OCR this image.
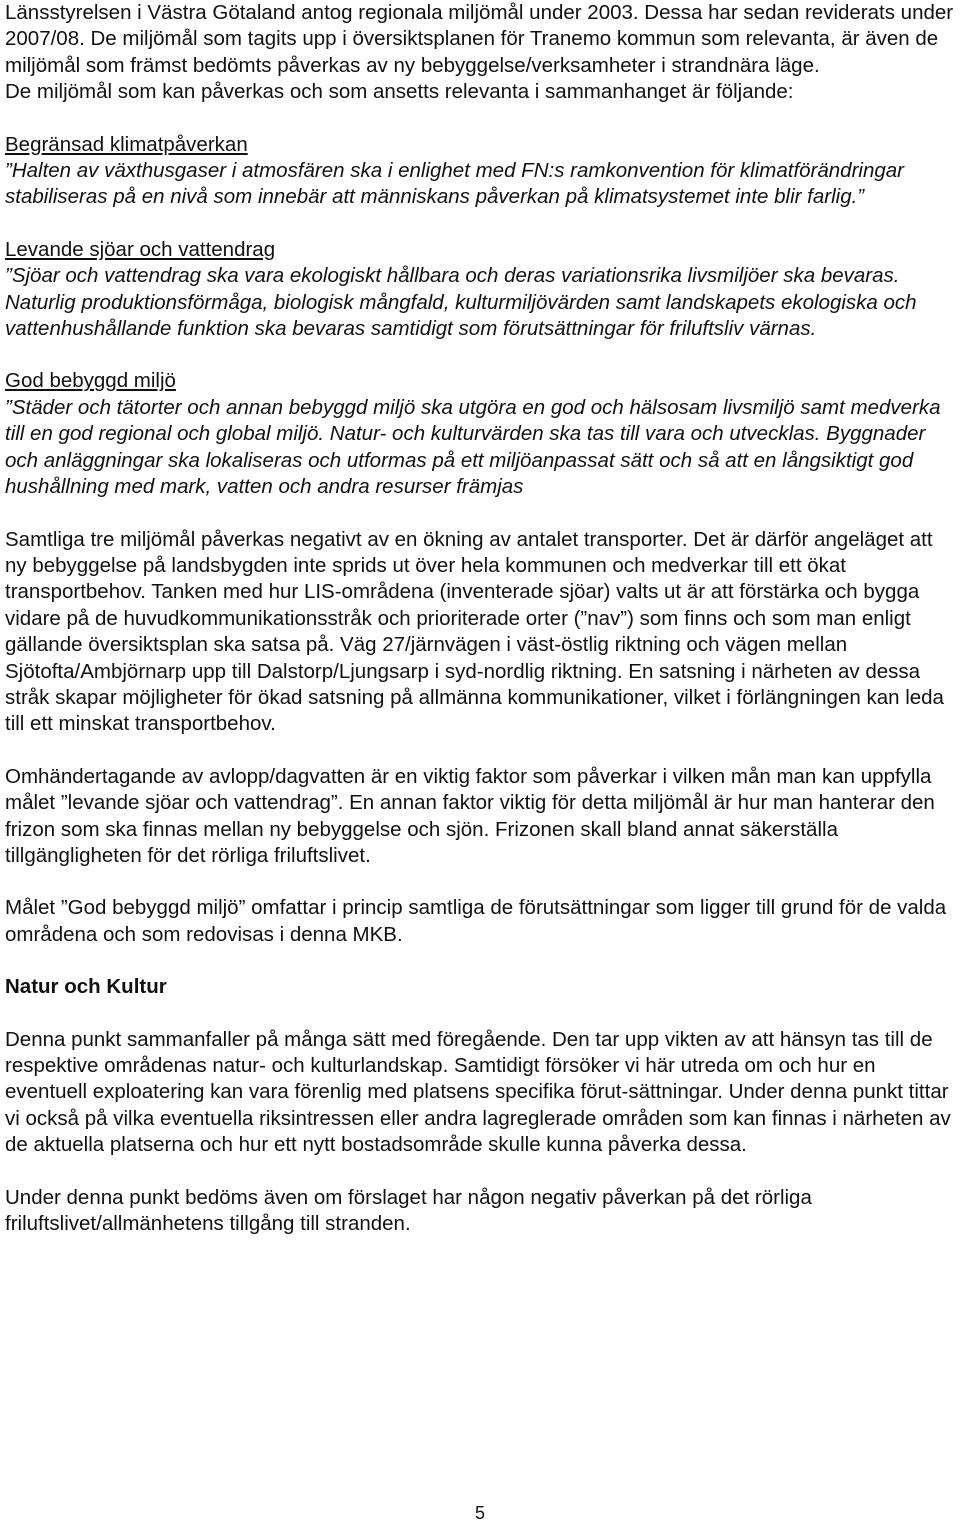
Länsstyrelsen i Västra Götaland antog regionala miljömål under 2003. Dessa har sedan reviderats under 2007/08. De miljömål som tagits upp i översiktsplanen för Tranemo kommun som relevanta, är även de miljömål som främst bedömts påverkas av ny bebyggelse/verksamheter i strandnära läge.

De miljömål som kan påverkas och som ansetts relevanta i sammanhanget är följande:

Begränsad klimatpåverkan

”Halten av växthusgaser i atmosfären ska i enlighet med FN:s ramkonvention för klimatförändringar stabiliseras på en nivå som innebär att människans påverkan på klimatsystemet inte blir farlig.”

Levande sjöar och vattendrag

”Sjöar och vattendrag ska vara ekologiskt hållbara och deras variationsrika livsmiljöer ska bevaras. Naturlig produktionsförmåga, biologisk mångfald, kulturmiljövärden samt landskapets ekologiska och vattenhushållande funktion ska bevaras samtidigt som förutsättningar för friluftsliv värnas.

God bebyggd miljö

”Städer och tätorter och annan bebyggd miljö ska utgöra en god och hälsosam livsmiljö samt medverka till en god regional och global miljö. Natur- och kulturvärden ska tas till vara och utvecklas. Byggnader och anläggningar ska lokaliseras och utformas på ett miljöanpassat sätt och så att en långsiktigt god hushållning med mark, vatten och andra resurser främjas

Samtliga tre miljömål påverkas negativt av en ökning av antalet transporter. Det är därför angeläget att ny bebyggelse på landsbygden inte sprids ut över hela kommunen och medverkar till ett ökat transportbehov. Tanken med hur LIS-områdena (inventerade sjöar) valts ut är att förstärka och bygga vidare på de huvudkommunikationsstråk och prioriterade orter (”nav”) som finns och som man enligt gällande översiktsplan ska satsa på. Väg 27/järnvägen i väst-östlig riktning och vägen mellan Sjötofta/Ambjörnarp upp till Dalstorp/Ljungsarp i syd-nordlig riktning. En satsning i närheten av dessa stråk skapar möjligheter för ökad satsning på allmänna kommunikationer, vilket i förlängningen kan leda till ett minskat transportbehov.

Omhändertagande av avlopp/dagvatten är en viktig faktor som påverkar i vilken mån man kan uppfylla målet ”levande sjöar och vattendrag”. En annan faktor viktig för detta miljömål är hur man hanterar den frizon som ska finnas mellan ny bebyggelse och sjön. Frizonen skall bland annat säkerställa tillgängligheten för det rörliga friluftslivet.

Målet ”God bebyggd miljö” omfattar i princip samtliga de förutsättningar som ligger till grund för de valda områdena och som redovisas i denna MKB.

Natur och Kultur

Denna punkt sammanfaller på många sätt med föregående. Den tar upp vikten av att hänsyn tas till de respektive områdenas natur- och kulturlandskap. Samtidigt försöker vi här utreda om och hur en eventuell exploatering kan vara förenlig med platsens specifika förut-sättningar. Under denna punkt tittar vi också på vilka eventuella riksintressen eller andra lagreglerade områden som kan finnas i närheten av de aktuella platserna och hur ett nytt bostadsområde skulle kunna påverka dessa.

Under denna punkt bedöms även om förslaget har någon negativ påverkan på det rörliga friluftslivet/allmänhetens tillgång till stranden.

5
